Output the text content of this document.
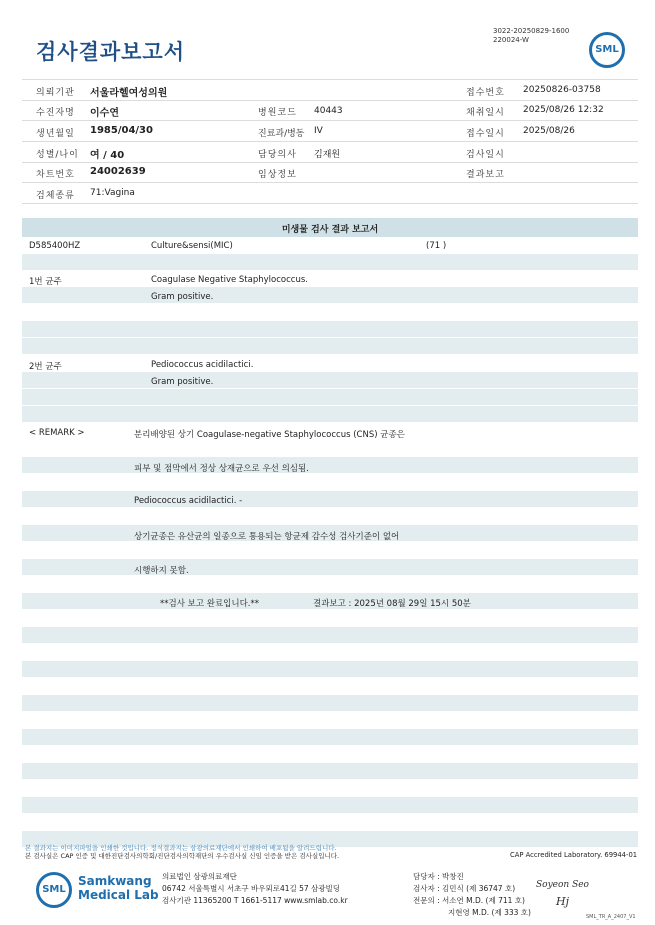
검사결과보고서
3022-20250829-1600
220024-W
SML
의뢰기관 서울라헬여성의원	접수번호 20250826-03758
수진자명 이수연	병원코드 40443	채취일시 2025/08/26 12:32
생년월일 1985/04/30	진료과/병동 IV	접수일시 2025/08/26
성별/나이 여 / 40	담당의사 김재원	검사일시
차트번호 24002639	임상정보	결과보고
검체종류 71:Vagina
미생물 검사 결과 보고서
D585400HZ	Culture&sensi(MIC)	(71 )
1번 균주	Coagulase Negative Staphylococcus.
Gram positive.
2번 균주	Pediococcus acidilactici.
Gram positive.
< REMARK >	분리배양된 상기 Coagulase-negative Staphylococcus (CNS) 균종은
피부 및 점막에서 정상 상재균으로 우선 의심됨.
Pediococcus acidilactici. -
상기균종은 유산균의 일종으로 통용되는 항균제 감수성 검사기준이 없어
시행하지 못함.
**검사 보고 완료입니다.**	결과보고 : 2025년 08월 29일 15시 50분
본 결과지는 이미지파일을 인쇄한 것입니다. 정식결과지는 삼광의료재단에서 인쇄하여 배포됨을 알려드립니다.
본 검사실은 CAP 인증 및 대한진단검사의학회/진단검사의학재단의 우수검사실 신임 인증을 받은 검사실입니다.	CAP Accredited Laboratory. 69944-01
SML
Samkwang
Medical Lab
의료법인 삼광의료재단
06742 서울특별시 서초구 바우뫼로41길 57 삼광빌딩
검사기관 11365200 T 1661-5117 www.smlab.co.kr
담당자 : 박창진
검사자 : 김민식 (제 36747 호)
전문의 : 서소연 M.D. (제 711 호)
지현영 M.D. (제 333 호)
Soyeon Seo
Hj
SML_TR_A_2407_V1
